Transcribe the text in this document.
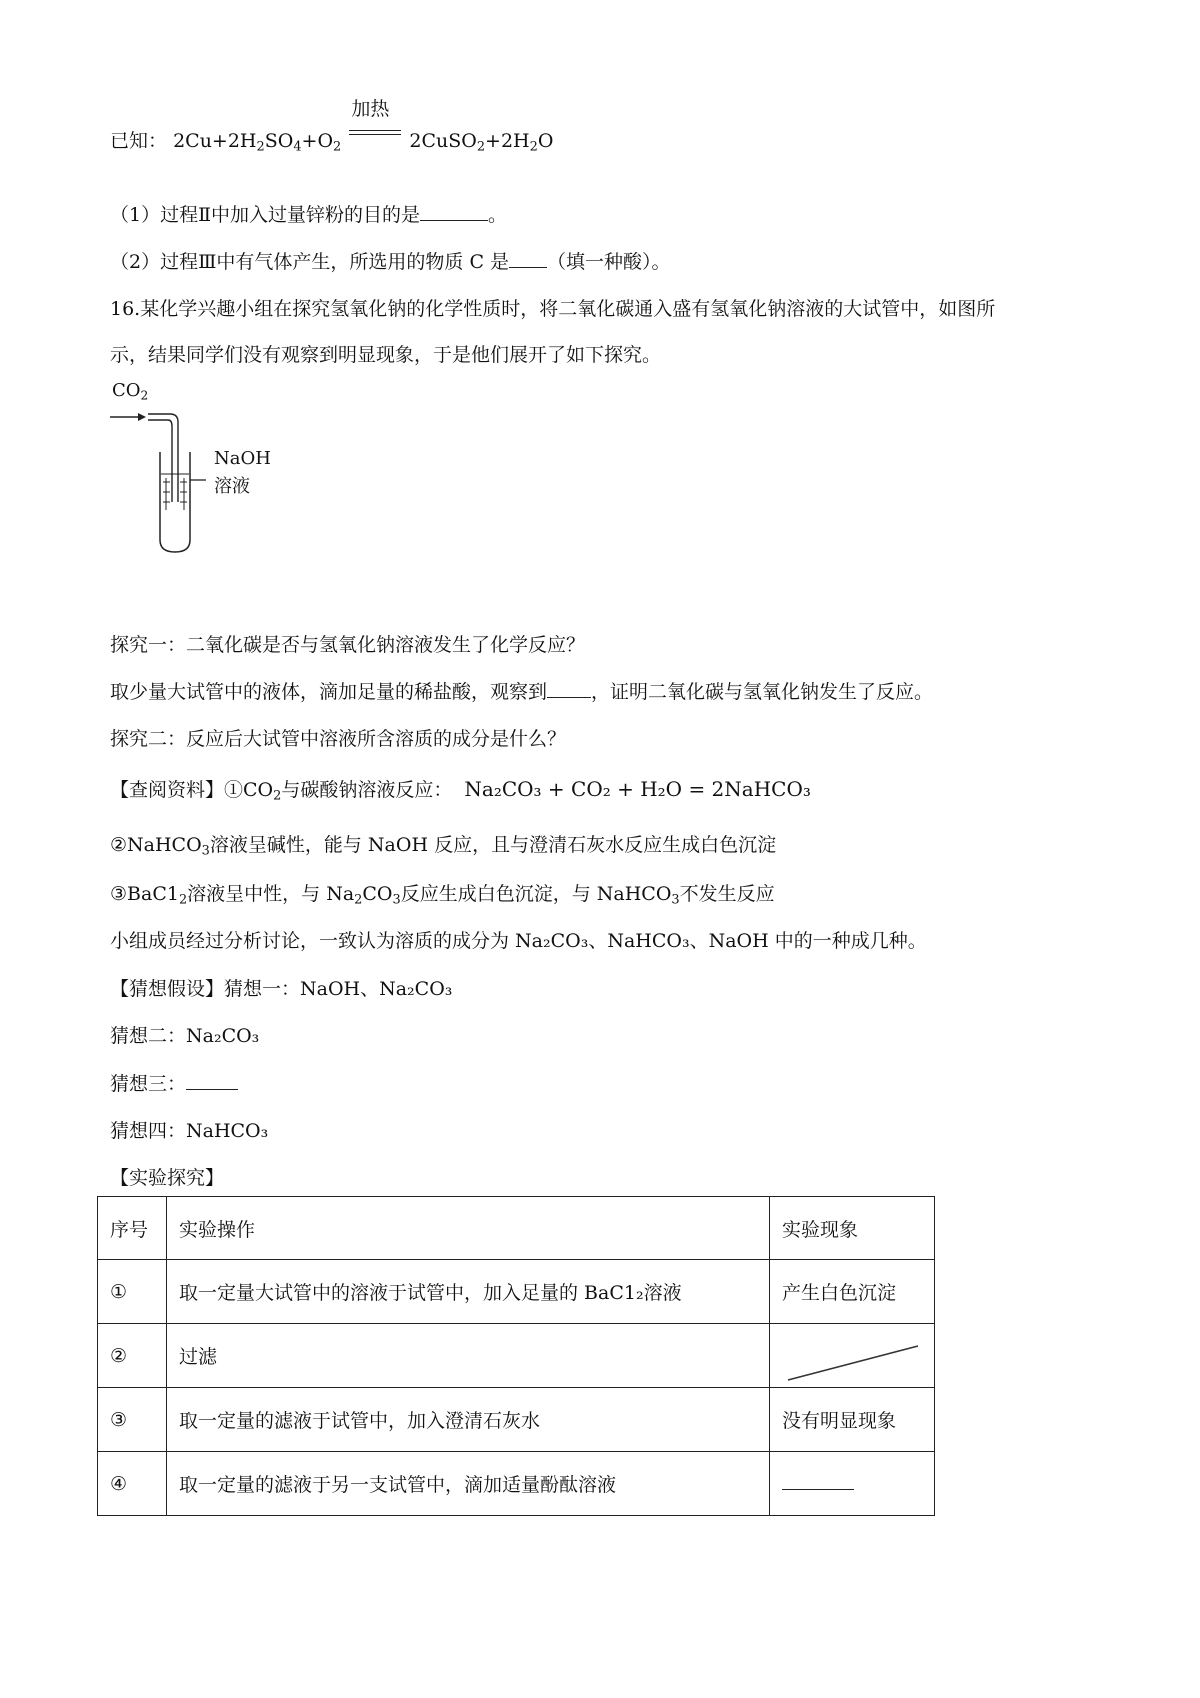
已知： $2Cu+2H_2SO_4+O_2$
加热
$2CuSO_2+2H_2O$
（1）过程Ⅱ中加入过量锌粉的目的是	。
（2）过程Ⅲ中有气体产生，所选用的物质 C 是 （填一种酸）。
16.某化学兴趣小组在探究氢氧化钠的化学性质时，将二氧化碳通入盛有氢氧化钠溶液的大试管中，如图所
示，结果同学们没有观察到明显现象，于是他们展开了如下探究。
$CO_2$
NaOH
溶液
探究一：二氧化碳是否与氢氧化钠溶液发生了化学反应？
取少量大试管中的液体，滴加足量的稀盐酸，观察到 ，证明二氧化碳与氢氧化钠发生了反应。
探究二：反应后大试管中溶液所含溶质的成分是什么？
【查阅资料】$①CO_2$与碳酸钠溶液反应： Na₂CO₃ + CO₂ + H₂O = 2NaHCO₃
②NaHCO$_3$溶液呈碱性，能与 NaOH 反应，且与澄清石灰水反应生成白色沉淀
$③BaC1_2$溶液呈中性，与 $Na_2CO_3$反应生成白色沉淀，与 NaHCO$_3$不发生反应
小组成员经过分析讨论，一致认为溶质的成分为 Na₂CO₃、NaHCO₃、NaOH 中的一种成几种。
【猜想假设】猜想一：NaOH、Na₂CO₃
猜想二：Na₂CO₃
猜想三：
猜想四：NaHCO₃
【实验探究】
序号	实验操作	实验现象
①	取一定量大试管中的溶液于试管中，加入足量的 BaC1₂溶液	产生白色沉淀
②	过滤	

③	取一定量的滤液于试管中，加入澄清石灰水	没有明显现象
④	取一定量的滤液于另一支试管中，滴加适量酚酞溶液	
